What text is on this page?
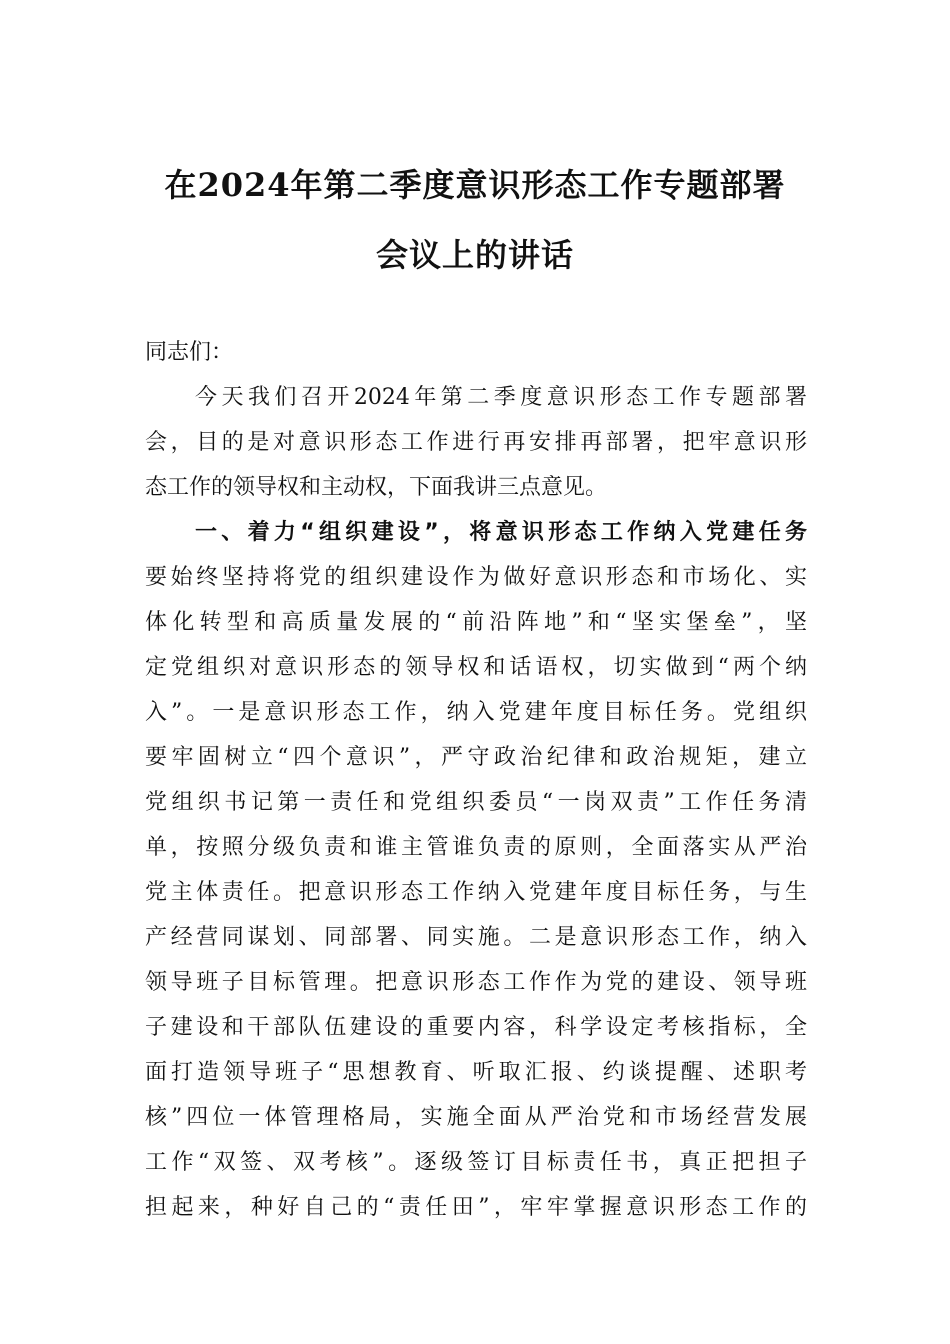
在2024年第二季度意识形态工作专题部署
会议上的讲话
同志们：
今天我们召开2024年第二季度意识形态工作专题部署
会，目的是对意识形态工作进行再安排再部署，把牢意识形
态工作的领导权和主动权，下面我讲三点意见。
一、着力“组织建设”，将意识形态工作纳入党建任务
要始终坚持将党的组织建设作为做好意识形态和市场化、实
体化转型和高质量发展的“前沿阵地”和“坚实堡垒”，坚
定党组织对意识形态的领导权和话语权，切实做到“两个纳
入”。一是意识形态工作，纳入党建年度目标任务。党组织
要牢固树立“四个意识”，严守政治纪律和政治规矩，建立
党组织书记第一责任和党组织委员“一岗双责”工作任务清
单，按照分级负责和谁主管谁负责的原则，全面落实从严治
党主体责任。把意识形态工作纳入党建年度目标任务，与生
产经营同谋划、同部署、同实施。二是意识形态工作，纳入
领导班子目标管理。把意识形态工作作为党的建设、领导班
子建设和干部队伍建设的重要内容，科学设定考核指标，全
面打造领导班子“思想教育、听取汇报、约谈提醒、述职考
核”四位一体管理格局，实施全面从严治党和市场经营发展
工作“双签、双考核”。逐级签订目标责任书，真正把担子
担起来，种好自己的“责任田”，牢牢掌握意识形态工作的
